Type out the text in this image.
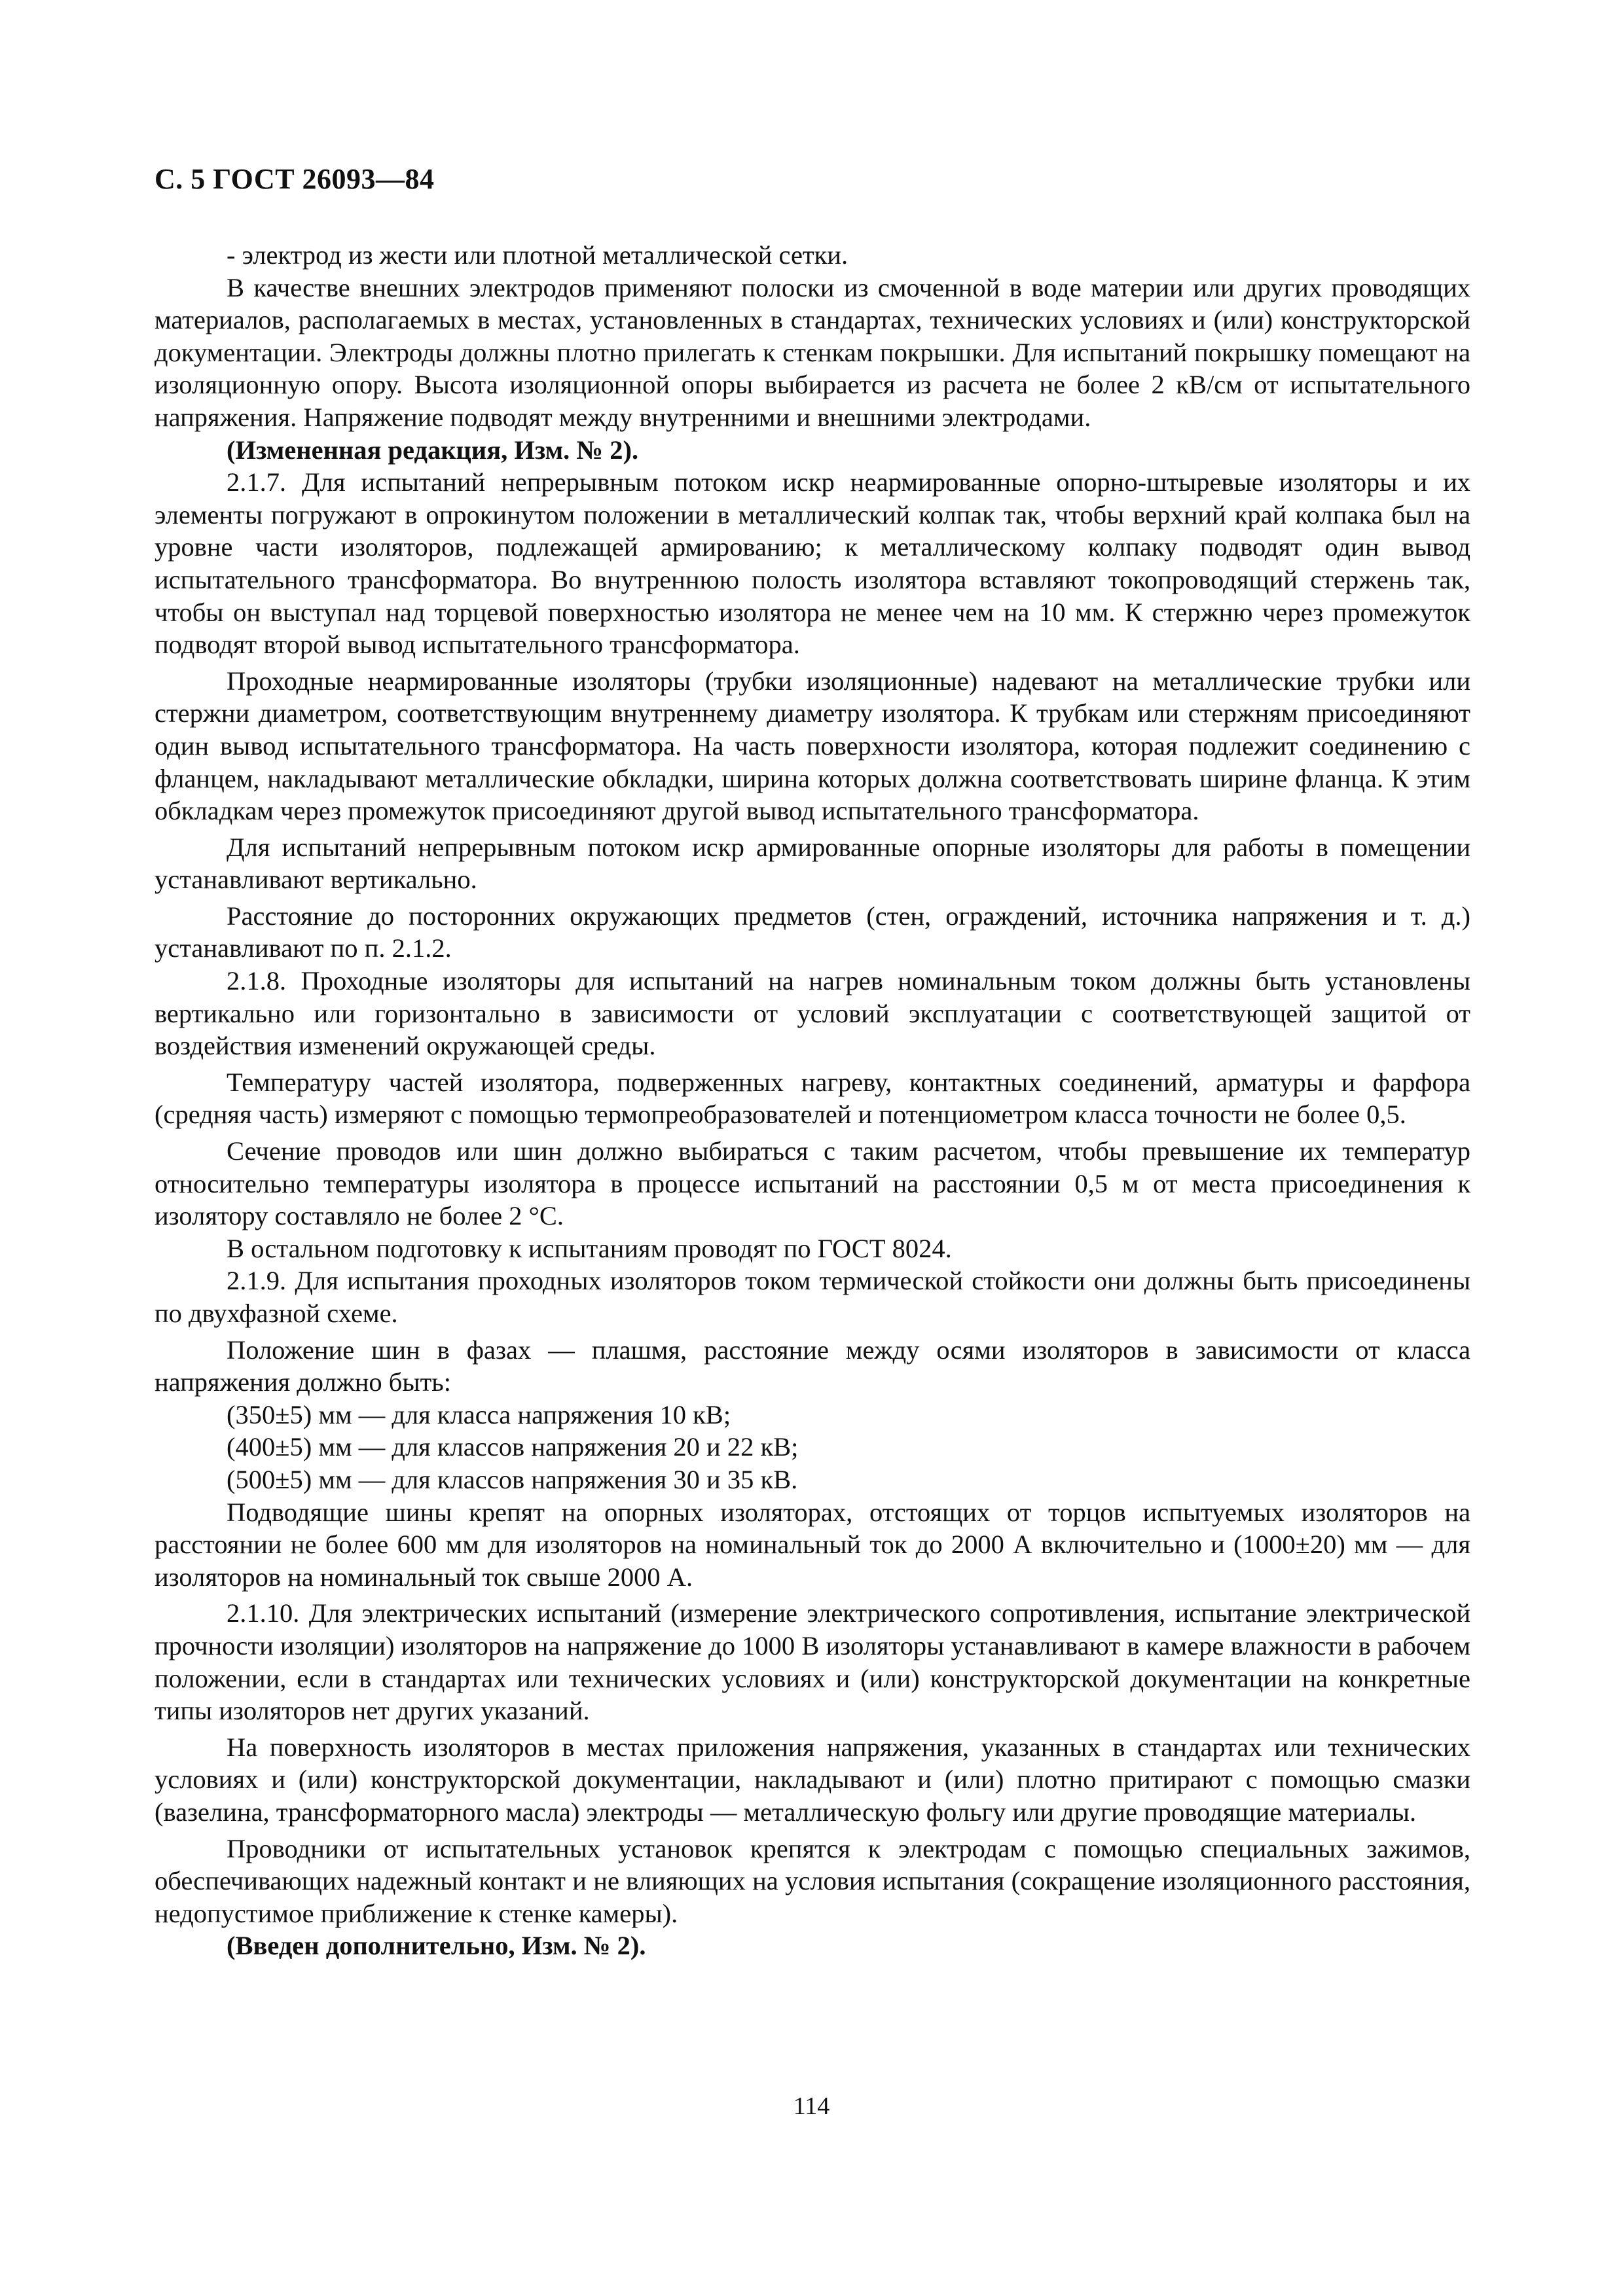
С. 5 ГОСТ 26093—84

- электрод из жести или плотной металлической сетки.

В качестве внешних электродов применяют полоски из смоченной в воде материи или других проводящих материалов, располагаемых в местах, установленных в стандартах, технических условиях и (или) конструкторской документации. Электроды должны плотно прилегать к стенкам покрышки. Для испытаний покрышку помещают на изоляционную опору. Высота изоляционной опоры выбирается из расчета не более 2 кВ/см от испытательного напряжения. Напряжение подводят между внутренними и внешними электродами.

(Измененная редакция, Изм. № 2).

2.1.7. Для испытаний непрерывным потоком искр неармированные опорно-штыревые изоляторы и их элементы погружают в опрокинутом положении в металлический колпак так, чтобы верхний край колпака был на уровне части изоляторов, подлежащей армированию; к металлическому колпаку подводят один вывод испытательного трансформатора. Во внутреннюю полость изолятора вставляют токопроводящий стержень так, чтобы он выступал над торцевой поверхностью изолятора не менее чем на 10 мм. К стержню через промежуток подводят второй вывод испытательного трансформатора.

Проходные неармированные изоляторы (трубки изоляционные) надевают на металлические трубки или стержни диаметром, соответствующим внутреннему диаметру изолятора. К трубкам или стержням присоединяют один вывод испытательного трансформатора. На часть поверхности изолятора, которая подлежит соединению с фланцем, накладывают металлические обкладки, ширина которых должна соответствовать ширине фланца. К этим обкладкам через промежуток присоединяют другой вывод испытательного трансформатора.

Для испытаний непрерывным потоком искр армированные опорные изоляторы для работы в помещении устанавливают вертикально.

Расстояние до посторонних окружающих предметов (стен, ограждений, источника напряжения и т. д.) устанавливают по п. 2.1.2.

2.1.8. Проходные изоляторы для испытаний на нагрев номинальным током должны быть установлены вертикально или горизонтально в зависимости от условий эксплуатации с соответствующей защитой от воздействия изменений окружающей среды.

Температуру частей изолятора, подверженных нагреву, контактных соединений, арматуры и фарфора (средняя часть) измеряют с помощью термопреобразователей и потенциометром класса точности не более 0,5.

Сечение проводов или шин должно выбираться с таким расчетом, чтобы превышение их температур относительно температуры изолятора в процессе испытаний на расстоянии 0,5 м от места присоединения к изолятору составляло не более 2 °С.

В остальном подготовку к испытаниям проводят по ГОСТ 8024.

2.1.9. Для испытания проходных изоляторов током термической стойкости они должны быть присоединены по двухфазной схеме.

Положение шин в фазах — плашмя, расстояние между осями изоляторов в зависимости от класса напряжения должно быть:

(350±5) мм — для класса напряжения 10 кВ;

(400±5) мм — для классов напряжения 20 и 22 кВ;

(500±5) мм — для классов напряжения 30 и 35 кВ.

Подводящие шины крепят на опорных изоляторах, отстоящих от торцов испытуемых изоляторов на расстоянии не более 600 мм для изоляторов на номинальный ток до 2000 А включительно и (1000±20) мм — для изоляторов на номинальный ток свыше 2000 А.

2.1.10. Для электрических испытаний (измерение электрического сопротивления, испытание электрической прочности изоляции) изоляторов на напряжение до 1000 В изоляторы устанавливают в камере влажности в рабочем положении, если в стандартах или технических условиях и (или) конструкторской документации на конкретные типы изоляторов нет других указаний.

На поверхность изоляторов в местах приложения напряжения, указанных в стандартах или технических условиях и (или) конструкторской документации, накладывают и (или) плотно притирают с помощью смазки (вазелина, трансформаторного масла) электроды — металлическую фольгу или другие проводящие материалы.

Проводники от испытательных установок крепятся к электродам с помощью специальных зажимов, обеспечивающих надежный контакт и не влияющих на условия испытания (сокращение изоляционного расстояния, недопустимое приближение к стенке камеры).

(Введен дополнительно, Изм. № 2).

114
